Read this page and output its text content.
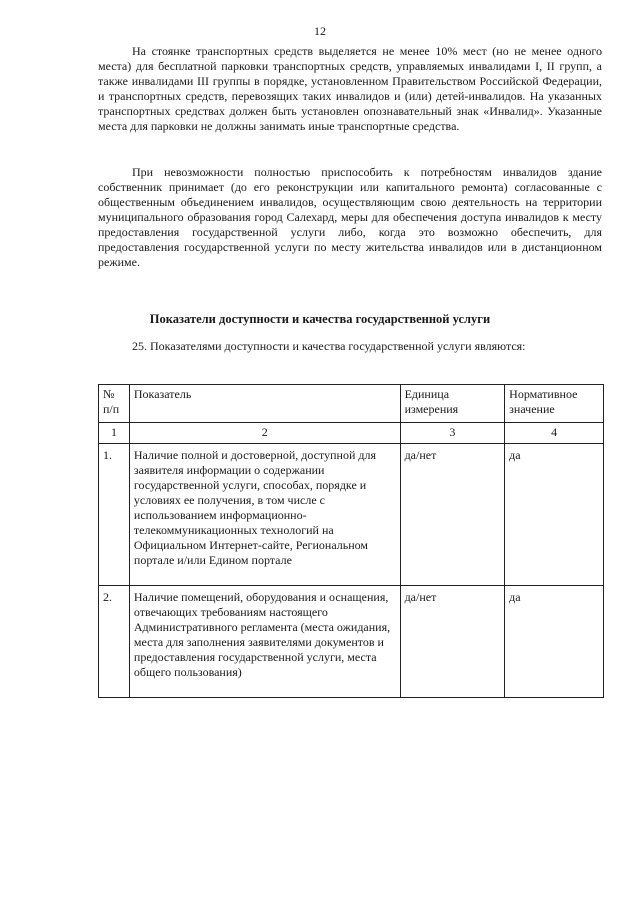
12

На стоянке транспортных средств выделяется не менее 10% мест (но не менее одного места) для бесплатной парковки транспортных средств, управляемых инвалидами I, II групп, а также инвалидами III группы в порядке, установленном Правительством Российской Федерации, и транспортных средств, перевозящих таких инвалидов и (или) детей-инвалидов. На указанных транспортных средствах должен быть установлен опознавательный знак «Инвалид». Указанные места для парковки не должны занимать иные транспортные средства.

При невозможности полностью приспособить к потребностям инвалидов здание собственник принимает (до его реконструкции или капитального ремонта) согласованные с общественным объединением инвалидов, осуществляющим свою деятельность на территории муниципального образования город Салехард, меры для обеспечения доступа инвалидов к месту предоставления государственной услуги либо, когда это возможно обеспечить, для предоставления государственной услуги по месту жительства инвалидов или в дистанционном режиме.

Показатели доступности и качества государственной услуги

25. Показателями доступности и качества государственной услуги являются:

№ п/п	Показатель	Единица измерения	Нормативное значение
1	2	3	4
1.	Наличие полной и достоверной, доступной для заявителя информации о содержании государственной услуги, способах, порядке и условиях ее получения, в том числе с использованием информационно-телекоммуникационных технологий на Официальном Интернет-сайте, Региональном портале и/или Едином портале	да/нет	да
2.	Наличие помещений, оборудования и оснащения, отвечающих требованиям настоящего Административного регламента (места ожидания, места для заполнения заявителями документов и предоставления государственной услуги, места общего пользования)	да/нет	да
